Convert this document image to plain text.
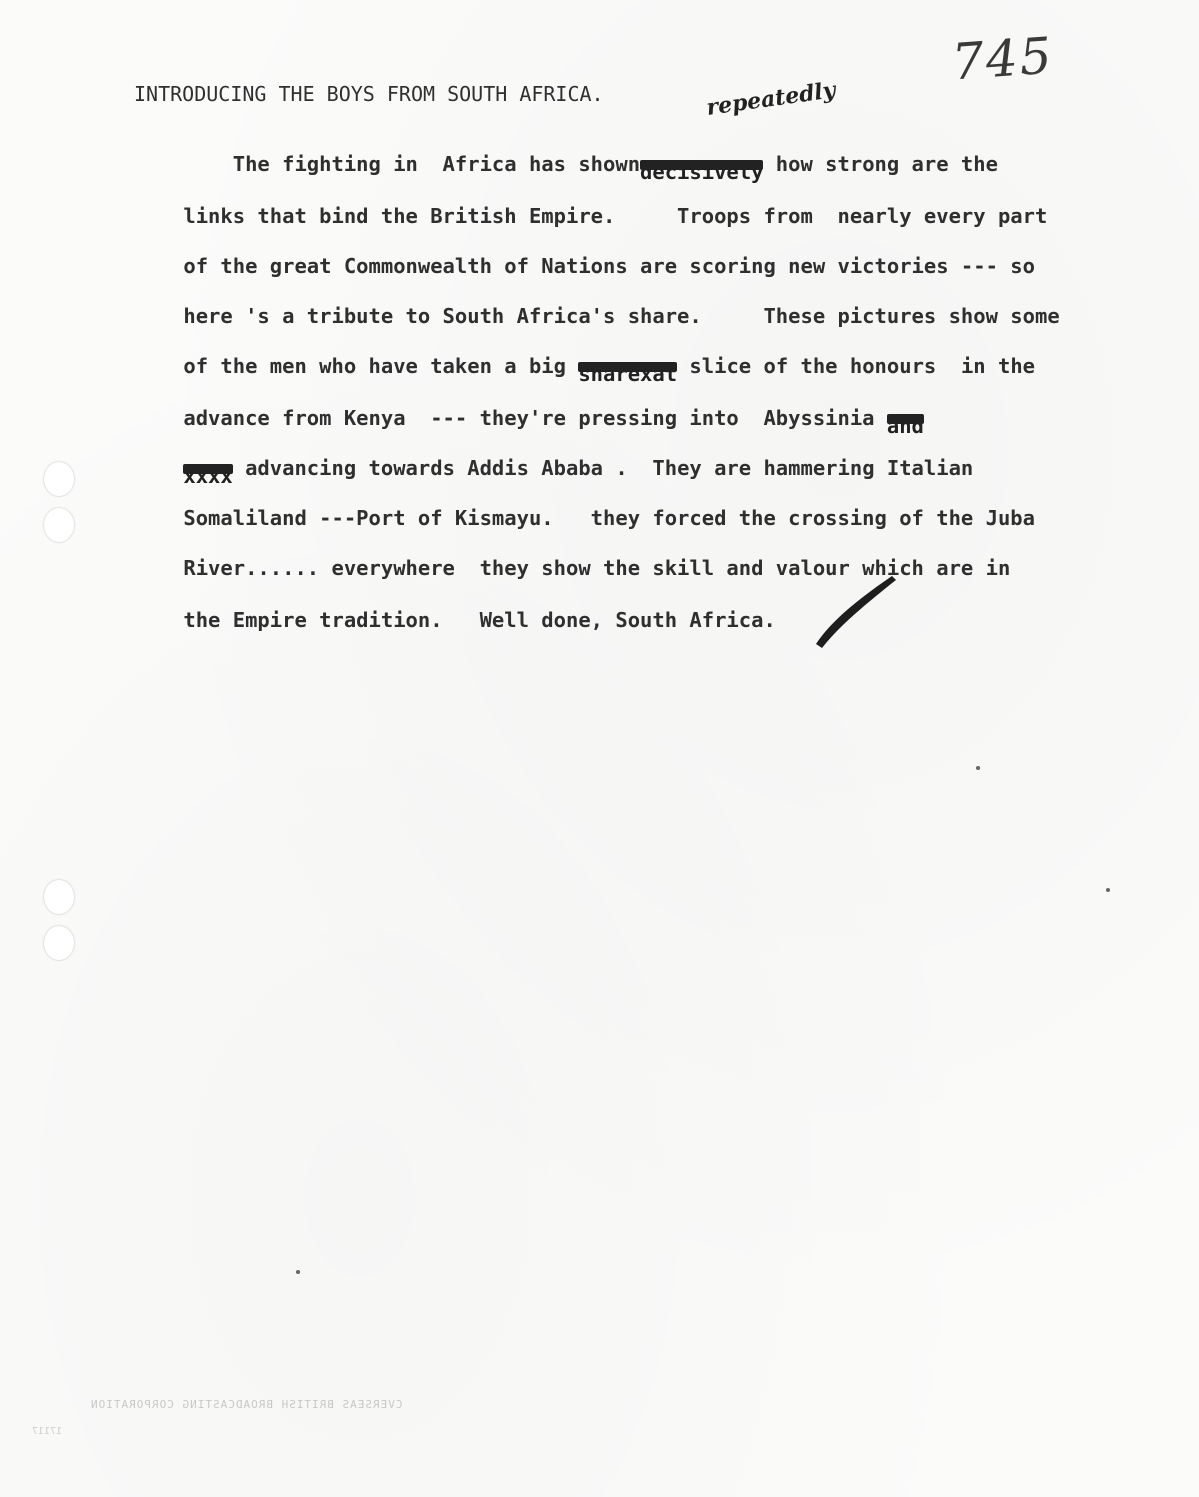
745
INTRODUCING THE BOYS FROM SOUTH AFRICA.	repeatedly

The fighting in  Africa has showndecisively how strong are the

links that bind the British Empire.     Troops from  nearly every part

of the great Commonwealth of Nations are scoring new victories --- so

here 's a tribute to South Africa's share.     These pictures show some

of the men who have taken a big sharexat slice of the honours  in the

advance from Kenya  --- they're pressing into  Abyssinia and

xxxx advancing towards Addis Ababa .  They are hammering Italian

Somaliland ---Port of Kismayu.   they forced the crossing of the Juba

River...... everywhere  they show the skill and valour which are in

the Empire tradition.   Well done, South Africa.

CVERSEAS BRITISH BROADCASTING CORPORATION
17117
